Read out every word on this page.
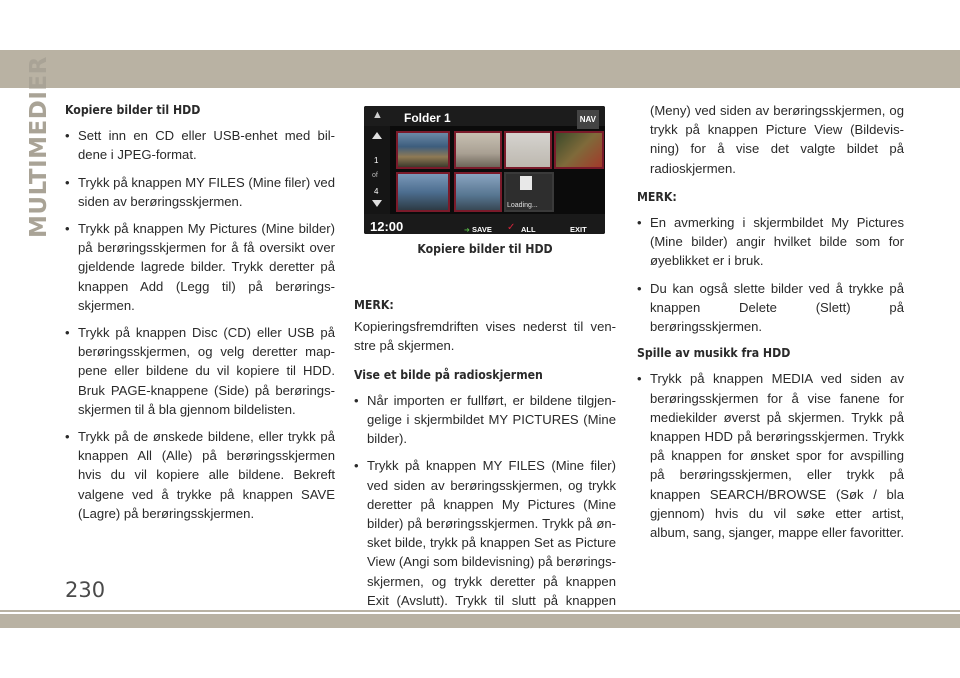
MULTIMEDIER Kopiere bilder til HDD
• Sett inn en CD eller USB-enhet med bil-dene i JPEG-format.
• Trykk på knappen MY FILES (Mine filer) ved siden av berøringsskjermen.
• Trykk på knappen My Pictures (Mine bilder) på berøringsskjermen for å få oversikt over gjeldende lagrede bilder. Trykk deretter på knappen Add (Legg til) på berørings-skjermen.
• Trykk på knappen Disc (CD) eller USB på berøringsskjermen, og velg deretter map-pene eller bildene du vil kopiere til HDD. Bruk PAGE-knappene (Side) på berørings-skjermen til å bla gjennom bildelisten.
• Trykk på de ønskede bildene, eller trykk på knappen All (Alle) på berøringsskjermen hvis du vil kopiere alle bildene. Bekreft valgene ved å trykke på knappen SAVE (Lagre) på berøringsskjermen.
▲ Folder 1	NAV
1
of
4
Loading...
12:00	➜ SAVE ✓ ALL	EXIT
Kopiere bilder til HDD
MERK:
Kopieringsfremdriften vises nederst til ven-stre på skjermen.
Vise et bilde på radioskjermen
• Når importen er fullført, er bildene tilgjen-gelige i skjermbildet MY PICTURES (Mine bilder).
• Trykk på knappen MY FILES (Mine filer) ved siden av berøringsskjermen, og trykk deretter på knappen My Pictures (Mine bilder) på berøringsskjermen. Trykk på øn-sket bilde, trykk på knappen Set as Picture View (Angi som bildevisning) på berørings-skjermen, og trykk deretter på knappen Exit (Avslutt). Trykk til slutt på knappen
(Meny) ved siden av berøringsskjermen, og trykk på knappen Picture View (Bildevis-ning) for å vise det valgte bildet på radioskjermen.
MERK:
• En avmerking i skjermbildet My Pictures (Mine bilder) angir hvilket bilde som for øyeblikket er i bruk.
• Du kan også slette bilder ved å trykke på knappen Delete (Slett) på berøringsskjermen.
Spille av musikk fra HDD
• Trykk på knappen MEDIA ved siden av berøringsskjermen for å vise fanene for mediekilder øverst på skjermen. Trykk på knappen HDD på berøringsskjermen. Trykk på knappen for ønsket spor for avspilling på berøringsskjermen, eller trykk på knappen SEARCH/BROWSE (Søk / bla gjennom) hvis du vil søke etter artist, album, sang, sjanger, mappe eller favoritter.
230
